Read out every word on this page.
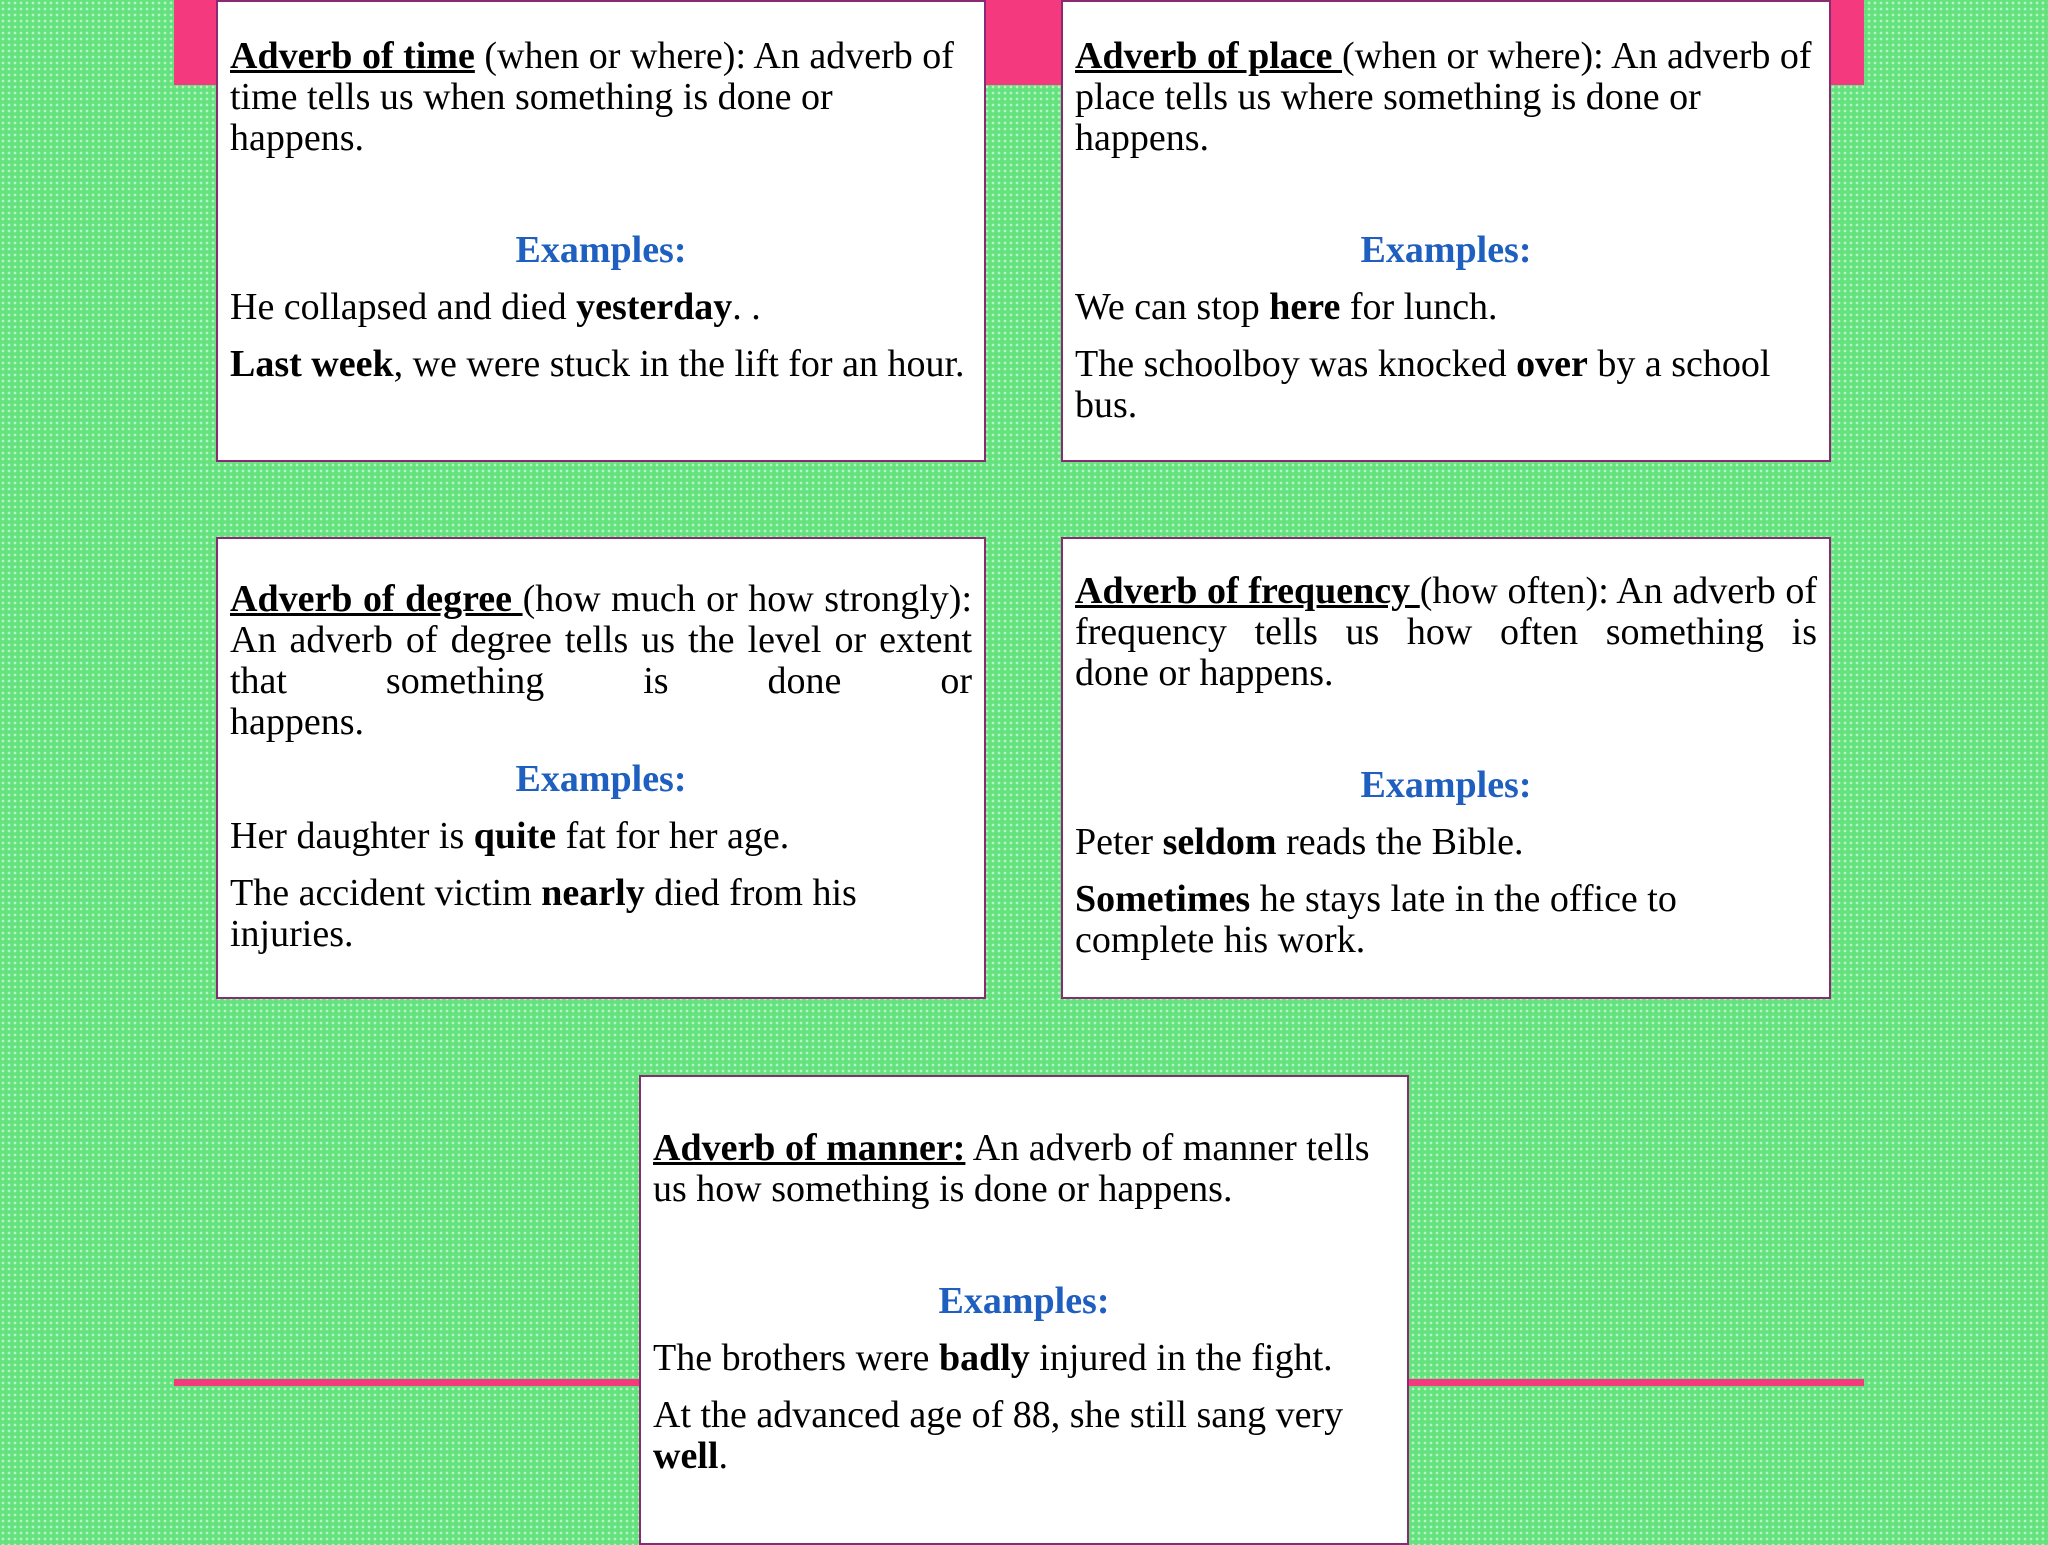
Adverb of time (when or where): An adverb of time tells us when something is done or happens.

Examples:

He collapsed and died yesterday. .

Last week, we were stuck in the lift for an hour.

Adverb of place (when or where): An adverb of place tells us where something is done or happens.

Examples:

We can stop here for lunch.

The schoolboy was knocked over by a school bus.

Adverb of degree (how much or how strongly): An adverb of degree tells us the level or extent that something is done or
happens.

Examples:

Her daughter is quite fat for her age.

The accident victim nearly died from his injuries.

Adverb of frequency (how often): An adverb of frequency tells us how often something is
done or happens.

Examples:

Peter seldom reads the Bible.

Sometimes he stays late in the office to complete his work.

Adverb of manner: An adverb of manner tells us how something is done or happens.

Examples:

The brothers were badly injured in the fight.

At the advanced age of 88, she still sang very well.
